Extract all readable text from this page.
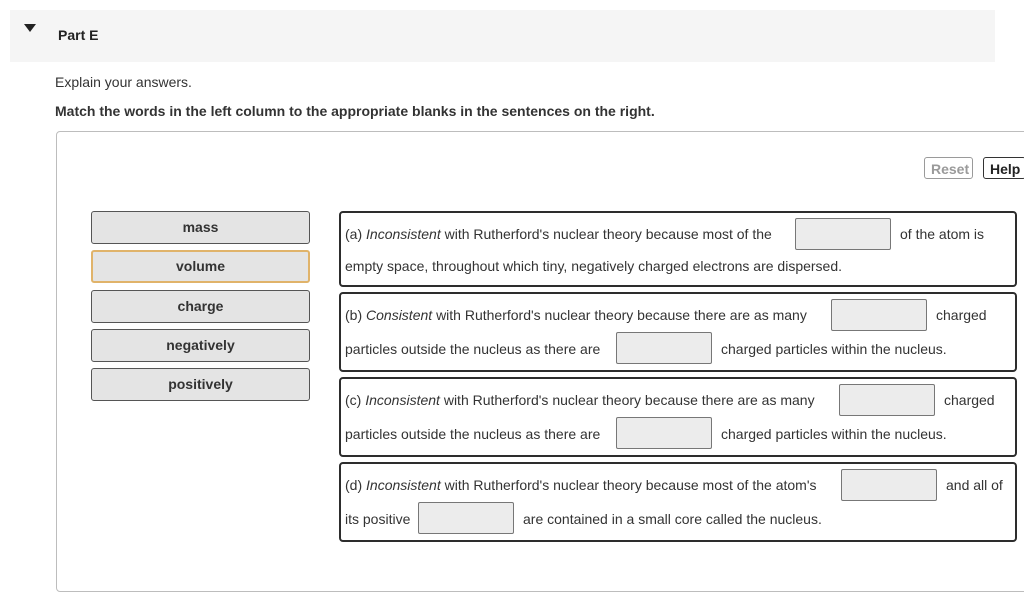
Part E
Explain your answers.
Match the words in the left column to the appropriate blanks in the sentences on the right.
Reset	Help
mass
volume
charge
negatively
positively
(a) Inconsistent with Rutherford's nuclear theory because most of the	of the atom is
empty space, throughout which tiny, negatively charged electrons are dispersed.
(b) Consistent with Rutherford's nuclear theory because there are as many	charged
particles outside the nucleus as there are	charged particles within the nucleus.
(c) Inconsistent with Rutherford's nuclear theory because there are as many	charged
particles outside the nucleus as there are	charged particles within the nucleus.
(d) Inconsistent with Rutherford's nuclear theory because most of the atom's	and all of
its positive	are contained in a small core called the nucleus.
